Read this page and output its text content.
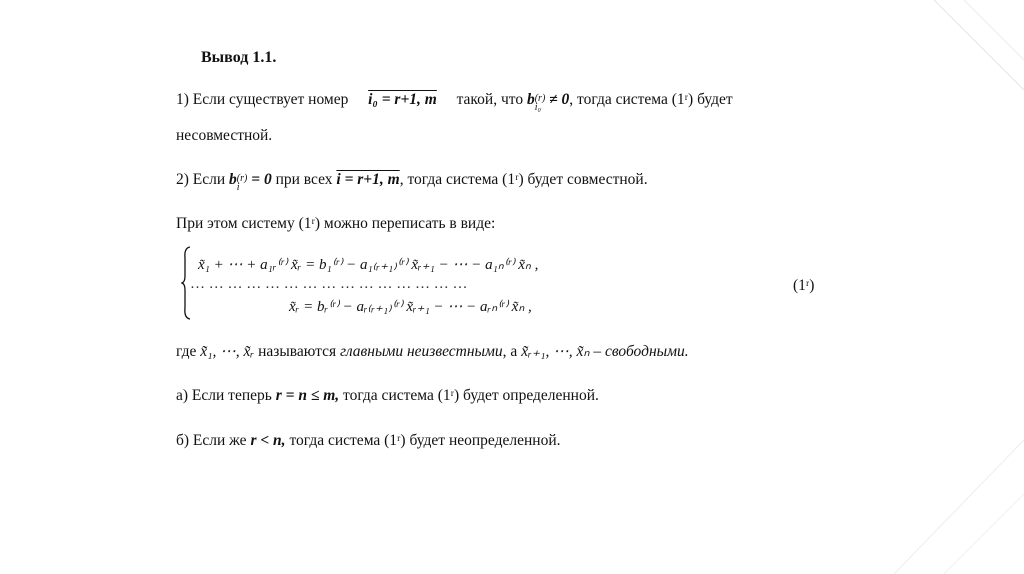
Вывод 1.1.
1) Если существует номер i₀ = r+1, m такой, что b (r)
i₀ ≠ 0, тогда система (1ʳ) будет
несовместной.
2) Если b (r)
i = 0 при всех i = r+1, m, тогда система (1ʳ) будет совместной.
При этом систему (1ʳ) можно переписать в виде:
x̃₁ + ⋯ + a₁ᵣ⁽ʳ⁾ x̃ᵣ = b₁⁽ʳ⁾ − a₁₍ᵣ₊₁₎⁽ʳ⁾ x̃ᵣ₊₁ − ⋯ − a₁ₙ⁽ʳ⁾ x̃ₙ ,
… … … … … … … … … … … … … … …
x̃ᵣ = bᵣ⁽ʳ⁾ − aᵣ₍ᵣ₊₁₎⁽ʳ⁾ x̃ᵣ₊₁ − ⋯ − aᵣₙ⁽ʳ⁾ x̃ₙ ,
(1ʳ)
где x̃₁, ⋯, x̃ᵣ называются главными неизвестными, а x̃ᵣ₊₁, ⋯, x̃ₙ – свободными.
а) Если теперь r = n ≤ m, тогда система (1ʳ) будет определенной.
б) Если же r < n, тогда система (1ʳ) будет неопределенной.
